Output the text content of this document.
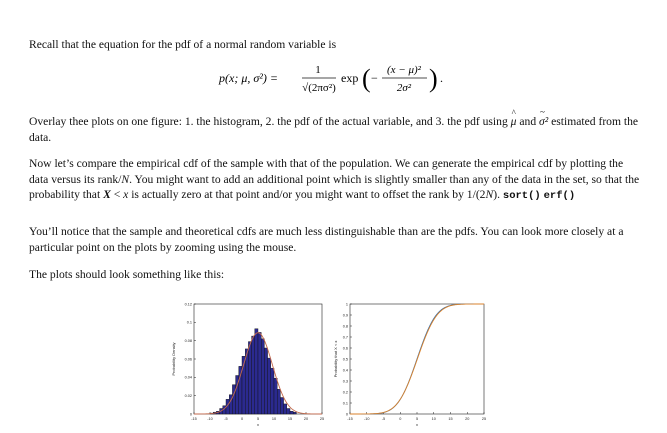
Recall that the equation for the pdf of a normal random variable is

p(x; μ, σ²) =
1
√(2πσ²)
exp ( −
(x − μ)²
2σ² ) .

Overlay thee plots on one figure: 1. the histogram, 2. the pdf of the actual variable, and 3. the pdf using ^ μ and ~ σ² estimated from the data.

Now let’s compare the empirical cdf of the sample with that of the population. We can generate the empirical cdf by plotting the data versus its rank/N. You might want to add an additional point which is slightly smaller than any of the data in the set, so that the probability that X < x is actually zero at that point and/or you might want to offset the rank by 1/(2N). sort() erf()

You’ll notice that the sample and theoretical cdfs are much less distinguishable than are the pdfs. You can look more closely at a particular point on the plots by zooming using the mouse.

The plots should look something like this:

-15	-10	-5	0	5	10	15	20	25
0
0.02
0.04
0.06
0.08
0.1
0.12
x
Probability Density
-15	-10	-5	0	5	10	15	20	25
0
0.1
0.2
0.3
0.4
0.5
0.6
0.7
0.8
0.9
1
x
Probability that X < x
